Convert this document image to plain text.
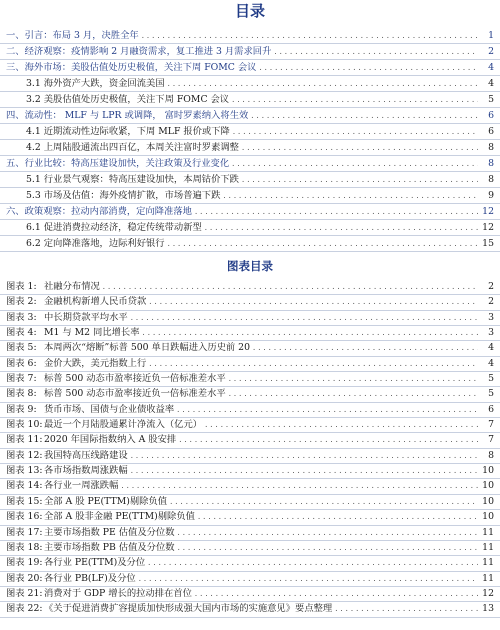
目录
一、引言：布局 3 月，决胜全年 .....	1
二、经济观察：疫情影响 2 月融资需求，复工推进 3 月需求回升 .....	2
三、海外市场：美股估值处历史极值，关注下周 FOMC 会议 .....	4
3.1 海外资产大跌，资金回流美国 .....	4
3.2 美股估值处历史极值，关注下周 FOMC 会议 .....	5
四、流动性： MLF 与 LPR 或调降， 富时罗素纳入将生效 .....	6
4.1 近期流动性边际收紧，下周 MLF 报价或下降 .....	6
4.2 上周陆股通流出四百亿，本周关注富时罗素调整 .....	8
五、行业比较：特高压建设加快，关注政策及行业变化 .....	8
5.1 行业景气观察：特高压建设加快，本周钴价下跌 .....	8
5.3 市场及估值：海外疫情扩散，市场普遍下跌 .....	9
六、政策观察：拉动内部消费，定向降准落地 .....	12
6.1 促进消费拉动经济，稳定传统带动新型 .....	12
6.2 定向降准落地，边际利好银行 .....	15
图表目录
图表 1: 社融分布情况 .....	2
图表 2: 金融机构新增人民币贷款 .....	2
图表 3: 中长期贷款平均水平 .....	3
图表 4: M1 与 M2 同比增长率 .....	3
图表 5: 本周两次“熔断”标普 500 单日跌幅进入历史前 20 .....	4
图表 6: 金价大跌，美元指数上行 .....	4
图表 7: 标普 500 动态市盈率接近负一倍标准差水平 .....	5
图表 8: 标普 500 动态市盈率接近负一倍标准差水平 .....	5
图表 9: 货币市场、国债与企业债收益率 .....	6
图表 10:最近一个月陆股通累计净流入（亿元） .....	7
图表 11:2020 年国际指数纳入 A 股安排 .....	7
图表 12:我国特高压线路建设 .....	8
图表 13:各市场指数周涨跌幅 .....	10
图表 14:各行业一周涨跌幅 .....	10
图表 15:全部 A 股 PE(TTM)剔除负值 .....	10
图表 16:全部 A 股非金融 PE(TTM)剔除负值 .....	10
图表 17:主要市场指数 PE 估值及分位数 .....	11
图表 18:主要市场指数 PB 估值及分位数 .....	11
图表 19:各行业 PE(TTM)及分位 .....	11
图表 20:各行业 PB(LF)及分位 .....	11
图表 21:消费对于 GDP 增长的拉动排在首位 .....	12
图表 22:《关于促进消费扩容提质加快形成强大国内市场的实施意见》要点整理 .....	13
